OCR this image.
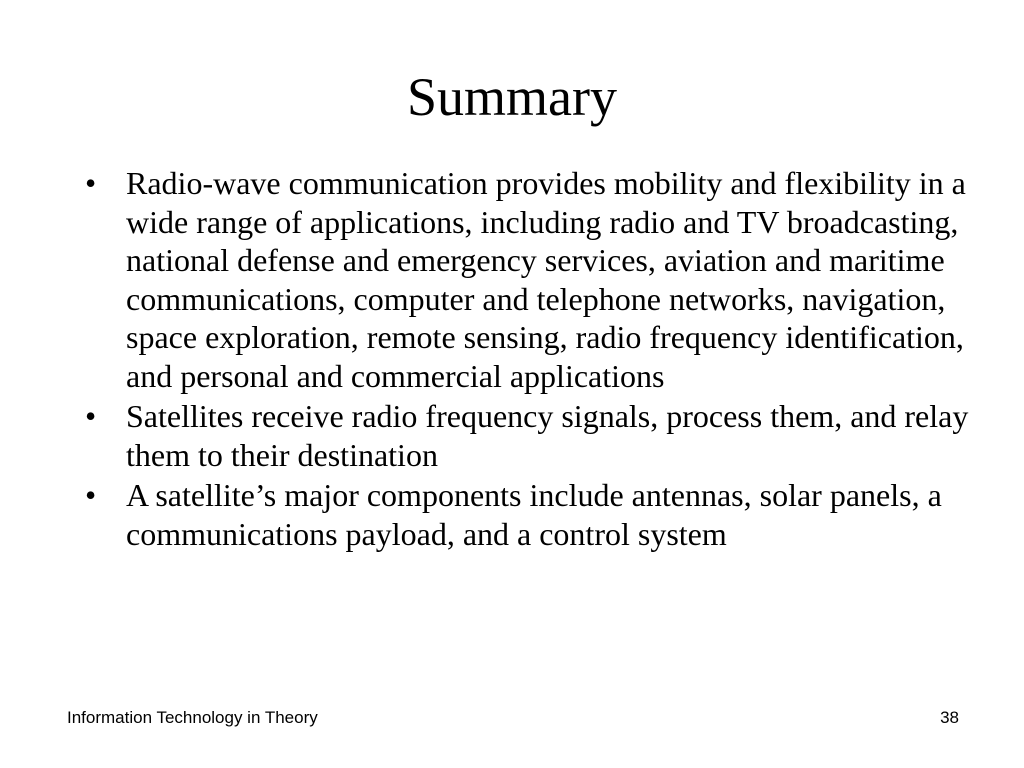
Summary
• Radio-wave communication provides mobility and flexibility in a wide range of applications, including radio and TV broadcasting, national defense and emergency services, aviation and maritime communications, computer and telephone networks, navigation, space exploration, remote sensing, radio frequency identification, and personal and commercial applications
• Satellites receive radio frequency signals, process them, and relay them to their destination
• A satellite’s major components include antennas, solar panels, a communications payload, and a control system
Information Technology in Theory	38
